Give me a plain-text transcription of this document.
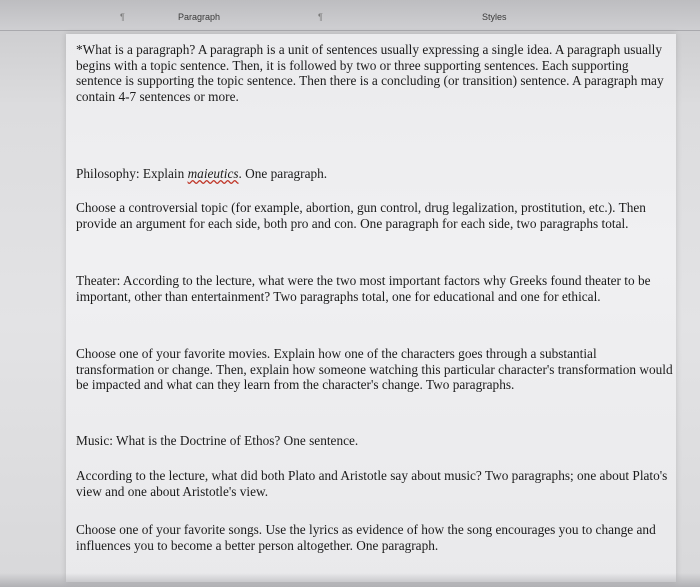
¶	Paragraph	¶	Styles

*What is a paragraph? A paragraph is a unit of sentences usually expressing a single idea. A paragraph usually begins with a topic sentence. Then, it is followed by two or three supporting sentences. Each supporting sentence is supporting the topic sentence. Then there is a concluding (or transition) sentence. A paragraph may contain 4-7 sentences or more.

Philosophy: Explain maieutics. One paragraph.

Choose a controversial topic (for example, abortion, gun control, drug legalization, prostitution, etc.). Then provide an argument for each side, both pro and con. One paragraph for each side, two paragraphs total.

Theater: According to the lecture, what were the two most important factors why Greeks found theater to be important, other than entertainment? Two paragraphs total, one for educational and one for ethical.

Choose one of your favorite movies. Explain how one of the characters goes through a substantial transformation or change. Then, explain how someone watching this particular character's transformation would be impacted and what can they learn from the character's change. Two paragraphs.

Music: What is the Doctrine of Ethos? One sentence.

According to the lecture, what did both Plato and Aristotle say about music? Two paragraphs; one about Plato's view and one about Aristotle's view.

Choose one of your favorite songs. Use the lyrics as evidence of how the song encourages you to change and influences you to become a better person altogether. One paragraph.
